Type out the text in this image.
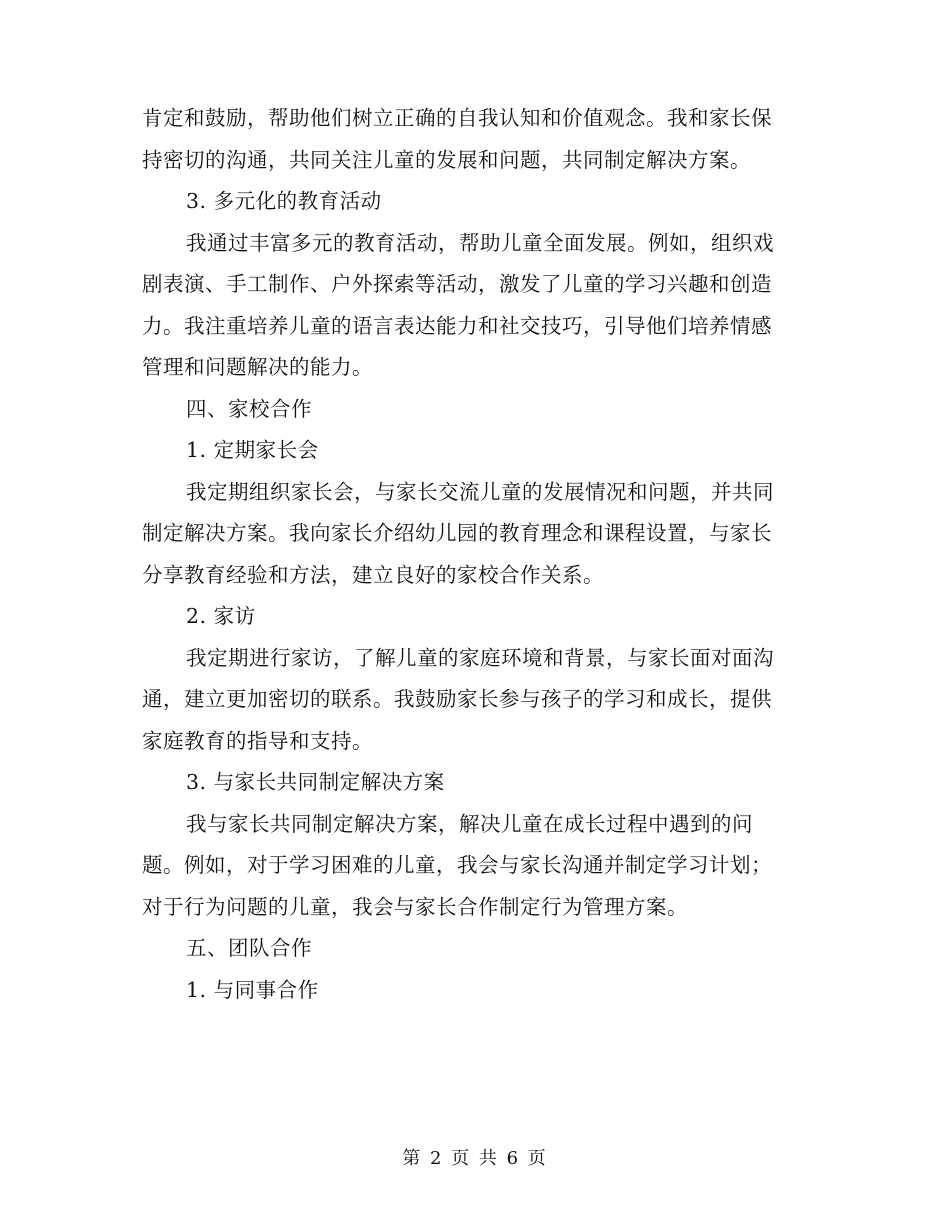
肯定和鼓励，帮助他们树立正确的自我认知和价值观念。我和家长保
持密切的沟通，共同关注儿童的发展和问题，共同制定解决方案。
3. 多元化的教育活动
我通过丰富多元的教育活动，帮助儿童全面发展。例如，组织戏
剧表演、手工制作、户外探索等活动，激发了儿童的学习兴趣和创造
力。我注重培养儿童的语言表达能力和社交技巧，引导他们培养情感
管理和问题解决的能力。
四、家校合作
1. 定期家长会
我定期组织家长会，与家长交流儿童的发展情况和问题，并共同
制定解决方案。我向家长介绍幼儿园的教育理念和课程设置，与家长
分享教育经验和方法，建立良好的家校合作关系。
2. 家访
我定期进行家访，了解儿童的家庭环境和背景，与家长面对面沟
通，建立更加密切的联系。我鼓励家长参与孩子的学习和成长，提供
家庭教育的指导和支持。
3. 与家长共同制定解决方案
我与家长共同制定解决方案，解决儿童在成长过程中遇到的问
题。例如，对于学习困难的儿童，我会与家长沟通并制定学习计划；
对于行为问题的儿童，我会与家长合作制定行为管理方案。
五、团队合作
1. 与同事合作
第 2 页 共 6 页
